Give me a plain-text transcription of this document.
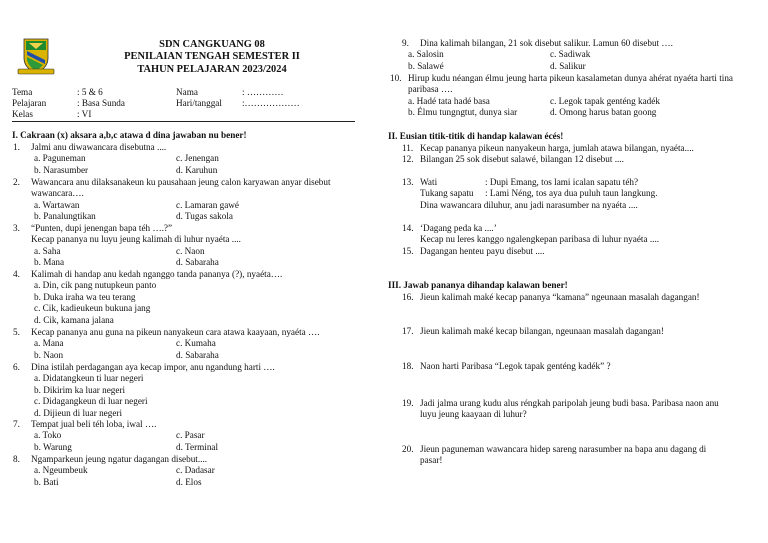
SDN CANGKUANG 08
PENILAIAN TENGAH SEMESTER II
TAHUN PELAJARAN 2023/2024
Tema	: 5 & 6	Nama	: …………
Pelajaran	: Basa Sunda	Hari/tanggal :………………
Kelas	: VI
I. Cakraan (x) aksara a,b,c atawa d dina jawaban nu bener!
1. Jalmi anu diwawancara disebutna ....
a. Paguneman	c. Jenengan
b. Narasumber	d. Karuhun
2. Wawancara anu dilaksanakeun ku pausahaan jeung calon karyawan anyar disebut wawancara….
a. Wartawan	c. Lamaran gawé
b. Panalungtikan	d. Tugas sakola
3. “Punten, dupi jenengan bapa téh ….?”
Kecap pananya nu luyu jeung kalimah di luhur nyaéta ....
a. Saha	c. Naon
b. Mana	d. Sabaraha
4. Kalimah di handap anu kedah nganggo tanda pananya (?), nyaéta….
a. Din, cik pang nutupkeun panto
b. Duka iraha wa teu terang
c. Cik, kadieukeun bukuna jang
d. Cik, kamana jalana
5. Kecap pananya anu guna na pikeun nanyakeun cara atawa kaayaan, nyaéta ….
a. Mana	c. Kumaha
b. Naon	d. Sabaraha
6. Dina istilah perdagangan aya kecap impor, anu ngandung harti ….
a. Didatangkeun ti luar negeri
b. Dikirim ka luar negeri
c. Didagangkeun di luar negeri
d. Dijieun di luar negeri
7. Tempat jual beli téh loba, iwal ….
a. Toko	c. Pasar
b. Warung	d. Terminal
8. Ngamparkeun jeung ngatur dagangan disebut....
a. Ngeumbeuk	c. Dadasar
b. Bati	d. Elos
9. Dina kalimah bilangan, 21 sok disebut salikur. Lamun 60 disebut ….
a. Salosin	c. Sadiwak
b. Salawé	d. Salikur
10. Hirup kudu néangan élmu jeung harta pikeun kasalametan dunya ahérat nyaéta harti tina paribasa ….
a. Hadé tata hadé basa	c. Legok tapak genténg kadék
b. Élmu tungngtut, dunya siar	d. Omong harus batan goong
II. Eusian titik-titik di handap kalawan écés!
11. Kecap pananya pikeun nanyakeun harga, jumlah atawa bilangan, nyaéta....
12. Bilangan 25 sok disebut salawé, bilangan 12 disebut ....
13. Wati	: Dupi Emang, tos lami icalan sapatu téh?
Tukang sapatu : Lami Néng, tos aya dua puluh taun langkung.
Dina wawancara diluhur, anu jadi narasumber na nyaéta ....
14. ‘Dagang peda ka ....’
Kecap nu leres kanggo ngalengkepan paribasa di luhur nyaéta ....
15. Dagangan henteu payu disebut ....
III. Jawab pananya dihandap kalawan bener!
16. Jieun kalimah maké kecap pananya “kamana” ngeunaan masalah dagangan!
17. Jieun kalimah maké kecap bilangan, ngeunaan masalah dagangan!
18. Naon harti Paribasa “Legok tapak genténg kadék” ?
19. Jadi jalma urang kudu alus réngkah paripolah jeung budi basa. Paribasa naon anu luyu jeung kaayaan di luhur?
20. Jieun paguneman wawancara hidep sareng narasumber na bapa anu dagang di pasar!
